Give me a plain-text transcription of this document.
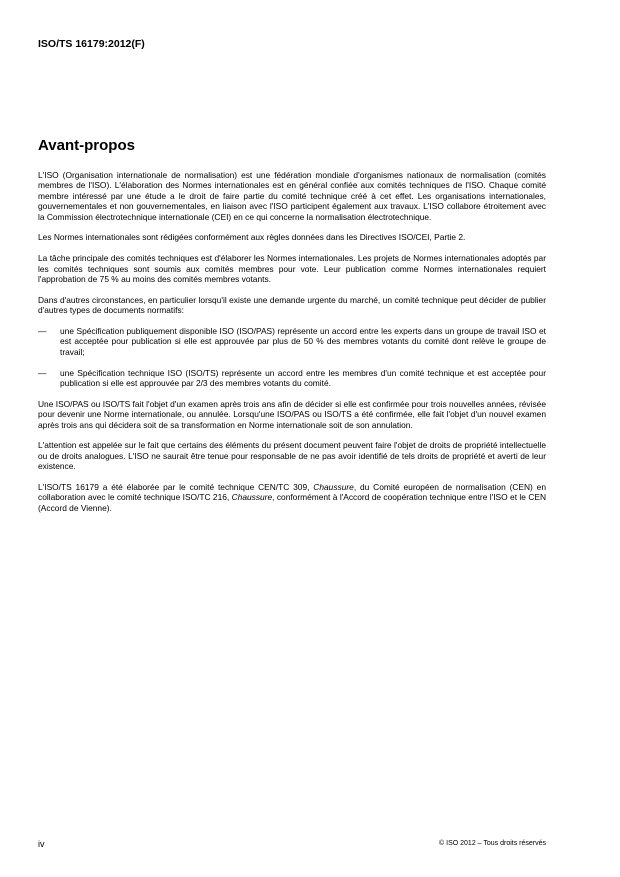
ISO/TS 16179:2012(F)
Avant-propos

L'ISO (Organisation internationale de normalisation) est une fédération mondiale d'organismes nationaux de normalisation (comités membres de l'ISO). L'élaboration des Normes internationales est en général confiée aux comités techniques de l'ISO. Chaque comité membre intéressé par une étude a le droit de faire partie du comité technique créé à cet effet. Les organisations internationales, gouvernementales et non gouvernementales, en liaison avec l'ISO participent également aux travaux. L'ISO collabore étroitement avec la Commission électrotechnique internationale (CEI) en ce qui concerne la normalisation électrotechnique.

Les Normes internationales sont rédigées conformément aux règles données dans les Directives ISO/CEI, Partie 2.

La tâche principale des comités techniques est d'élaborer les Normes internationales. Les projets de Normes internationales adoptés par les comités techniques sont soumis aux comités membres pour vote. Leur publication comme Normes internationales requiert l'approbation de 75 % au moins des comités membres votants.

Dans d'autres circonstances, en particulier lorsqu'il existe une demande urgente du marché, un comité technique peut décider de publier d'autres types de documents normatifs:

—	une Spécification publiquement disponible ISO (ISO/PAS) représente un accord entre les experts dans un groupe de travail ISO et est acceptée pour publication si elle est approuvée par plus de 50 % des membres votants du comité dont relève le groupe de travail;
—	une Spécification technique ISO (ISO/TS) représente un accord entre les membres d'un comité technique et est acceptée pour publication si elle est approuvée par 2/3 des membres votants du comité.

Une ISO/PAS ou ISO/TS fait l'objet d'un examen après trois ans afin de décider si elle est confirmée pour trois nouvelles années, révisée pour devenir une Norme internationale, ou annulée. Lorsqu'une ISO/PAS ou ISO/TS a été confirmée, elle fait l'objet d'un nouvel examen après trois ans qui décidera soit de sa transformation en Norme internationale soit de son annulation.

L'attention est appelée sur le fait que certains des éléments du présent document peuvent faire l'objet de droits de propriété intellectuelle ou de droits analogues. L'ISO ne saurait être tenue pour responsable de ne pas avoir identifié de tels droits de propriété et averti de leur existence.

L'ISO/TS 16179 a été élaborée par le comité technique CEN/TC 309, Chaussure, du Comité européen de normalisation (CEN) en collaboration avec le comité technique ISO/TC 216, Chaussure, conformément à l'Accord de coopération technique entre l'ISO et le CEN (Accord de Vienne).

iv	© ISO 2012 – Tous droits réservés
